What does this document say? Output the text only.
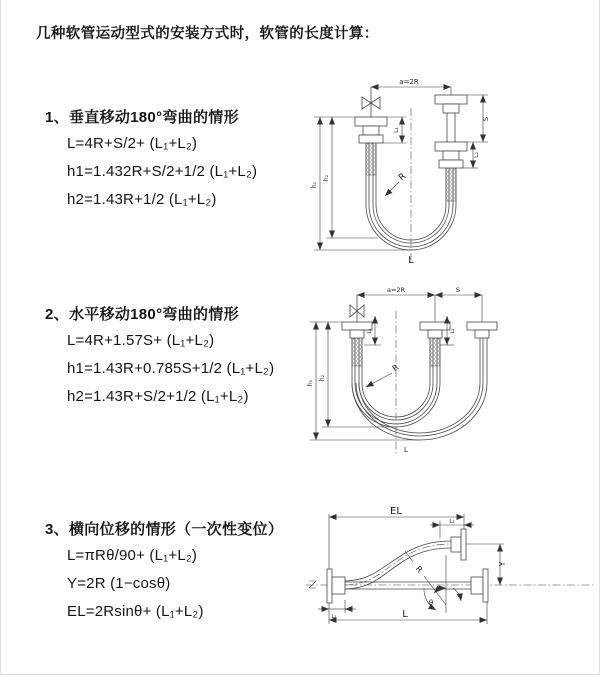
几种软管运动型式的安装方式时，软管的长度计算：
1、垂直移动180°弯曲的情形
L=4R+S/2+ (L₁+L₂)
h1=1.432R+S/2+1/2 (L₁+L₂)
h2=1.43R+1/2 (L₁+L₂)
2、水平移动180°弯曲的情形
L=4R+1.57S+ (L₁+L₂)
h1=1.43R+0.785S+1/2 (L₁+L₂)
h2=1.43R+S/2+1/2 (L₁+L₂)
3、横向位移的情形（一次性变位）
L=πRθ/90+ (L₁+L₂)
Y=2R (1−cosθ)
EL=2Rsinθ+ (L₁+L₂)
a=2R
S
L₂
L₁
h₁
h₂	R
L
a=2R	S
L₁	L₂
h₁
h₂
R
L
EL
L₂
Y
R
θ
L₁	L
